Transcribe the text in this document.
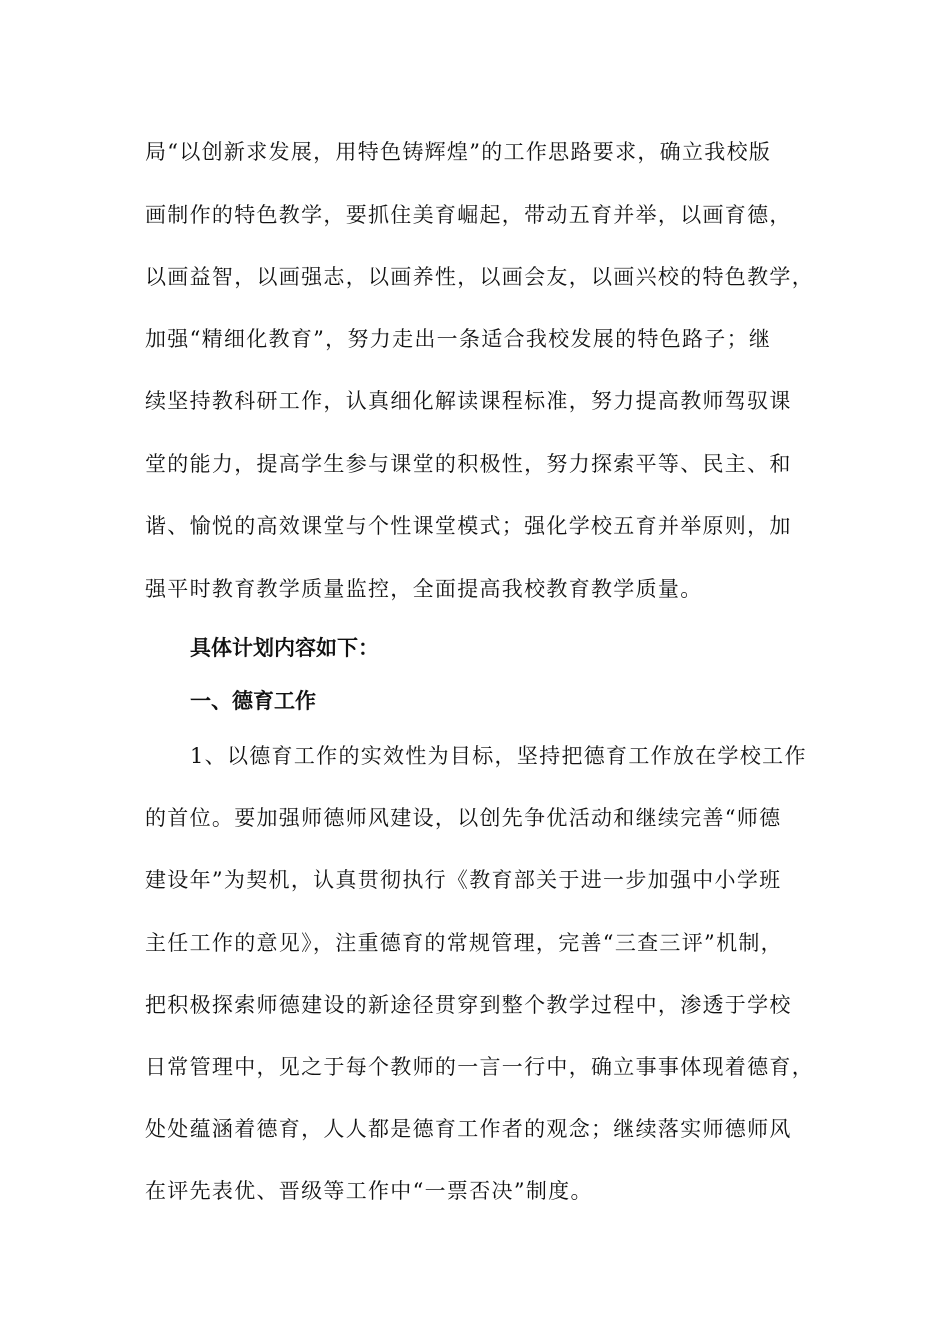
局“以创新求发展，用特色铸辉煌”的工作思路要求，确立我校版
画制作的特色教学，要抓住美育崛起，带动五育并举，以画育德，
以画益智，以画强志，以画养性，以画会友，以画兴校的特色教学，
加强“精细化教育”，努力走出一条适合我校发展的特色路子；继
续坚持教科研工作，认真细化解读课程标准，努力提高教师驾驭课
堂的能力，提高学生参与课堂的积极性，努力探索平等、民主、和
谐、愉悦的高效课堂与个性课堂模式；强化学校五育并举原则，加
强平时教育教学质量监控，全面提高我校教育教学质量。
具体计划内容如下：
一、德育工作
1、以德育工作的实效性为目标，坚持把德育工作放在学校工作
的首位。要加强师德师风建设，以创先争优活动和继续完善“师德
建设年”为契机，认真贯彻执行《教育部关于进一步加强中小学班
主任工作的意见》，注重德育的常规管理，完善“三查三评”机制，
把积极探索师德建设的新途径贯穿到整个教学过程中，渗透于学校
日常管理中，见之于每个教师的一言一行中，确立事事体现着德育，
处处蕴涵着德育，人人都是德育工作者的观念；继续落实师德师风
在评先表优、晋级等工作中“一票否决”制度。
